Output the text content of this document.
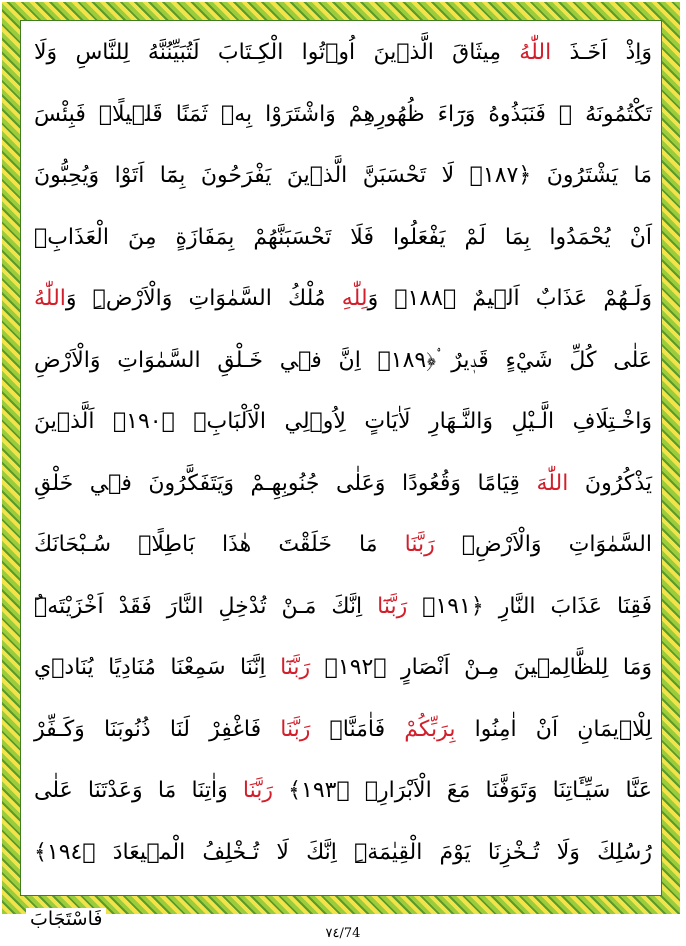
وَاِذْ اَخَـذَ اللّٰهُ مِيثَاقَ الَّذٖينَ اُو۫تُوا الْكِـتَابَ لَتُبَيِّنُنَّهُ لِلنَّاسِ وَلَا
تَكْتُمُونَهُ ۘ فَنَبَذُوهُ وَرَٓاءَ ظُهُورِهِمْ وَاشْتَرَوْا بِهٖ ثَمَنًا قَلٖيلًاۜ فَبِئْسَ
مَا يَشْتَرُونَ ﴿١٨٧﴾ لَا تَحْسَبَنَّ الَّذٖينَ يَفْرَحُونَ بِمَٓا اَتَوْا وَيُحِبُّونَ
اَنْ يُحْمَدُوا بِمَا لَمْ يَفْعَلُوا فَلَا تَحْسَبَنَّهُمْ بِمَفَازَةٍ مِنَ الْعَذَابِۚ
وَلَـهُمْ عَذَابٌ اَلٖيمٌ ﴿١٨٨﴾ وَلِلّٰهِ مُلْكُ السَّمٰوَاتِ وَالْاَرْضِۜ وَاللّٰهُ
عَلٰى كُلِّ شَيْءٍ قَدٖيرٌ ۟﴿١٨٩﴾ اِنَّ فٖي خَـلْقِ السَّمٰوَاتِ وَالْاَرْضِ
وَاخْـتِلَافِ الَّـيْلِ وَالنَّـهَارِ لَاٰيَاتٍ لِاُو۬لِي الْاَلْبَابِۚ ﴿١٩٠﴾ اَلَّذٖينَ
يَذْكُرُونَ اللّٰهَ قِيَامًا وَقُعُودًا وَعَلٰى جُنُوبِهِـمْ وَيَتَفَكَّرُونَ فٖي خَلْقِ
السَّمٰوَاتِ وَالْاَرْضِۚ رَبَّنَا مَا خَلَقْتَ هٰذَا بَاطِلًاۚ سُـبْحَانَكَ
فَقِنَا عَذَابَ النَّارِ ﴿١٩١﴾ رَبَّنَٓا اِنَّكَ مَـنْ تُدْخِلِ النَّارَ فَقَدْ اَخْزَيْتَهُۜ
وَمَا لِلظَّالِمٖينَ مِـنْ اَنْصَارٍ ﴿١٩٢﴾ رَبَّنَٓا اِنَّنَا سَمِعْنَا مُنَادِيًا يُنَادٖي
لِلْاٖيمَانِ اَنْ اٰمِنُوا بِرَبِّكُمْ فَاٰمَنَّاۗ رَبَّنَا فَاغْفِرْ لَنَا ذُنُوبَنَا وَكَـفِّرْ
عَنَّا سَيِّـَٔاتِنَا وَتَوَفَّنَا مَعَ الْاَبْرَارِۚ ﴿١٩٣﴾ رَبَّنَا وَاٰتِنَا مَا وَعَدْتَنَا عَلٰى
رُسُلِكَ وَلَا تُـخْزِنَا يَوْمَ الْقِيٰمَةِۜ اِنَّكَ لَا تُـخْلِفُ الْمٖيعَادَ ﴿١٩٤﴾
فَاسْتَجَابَ
٧٤/74
